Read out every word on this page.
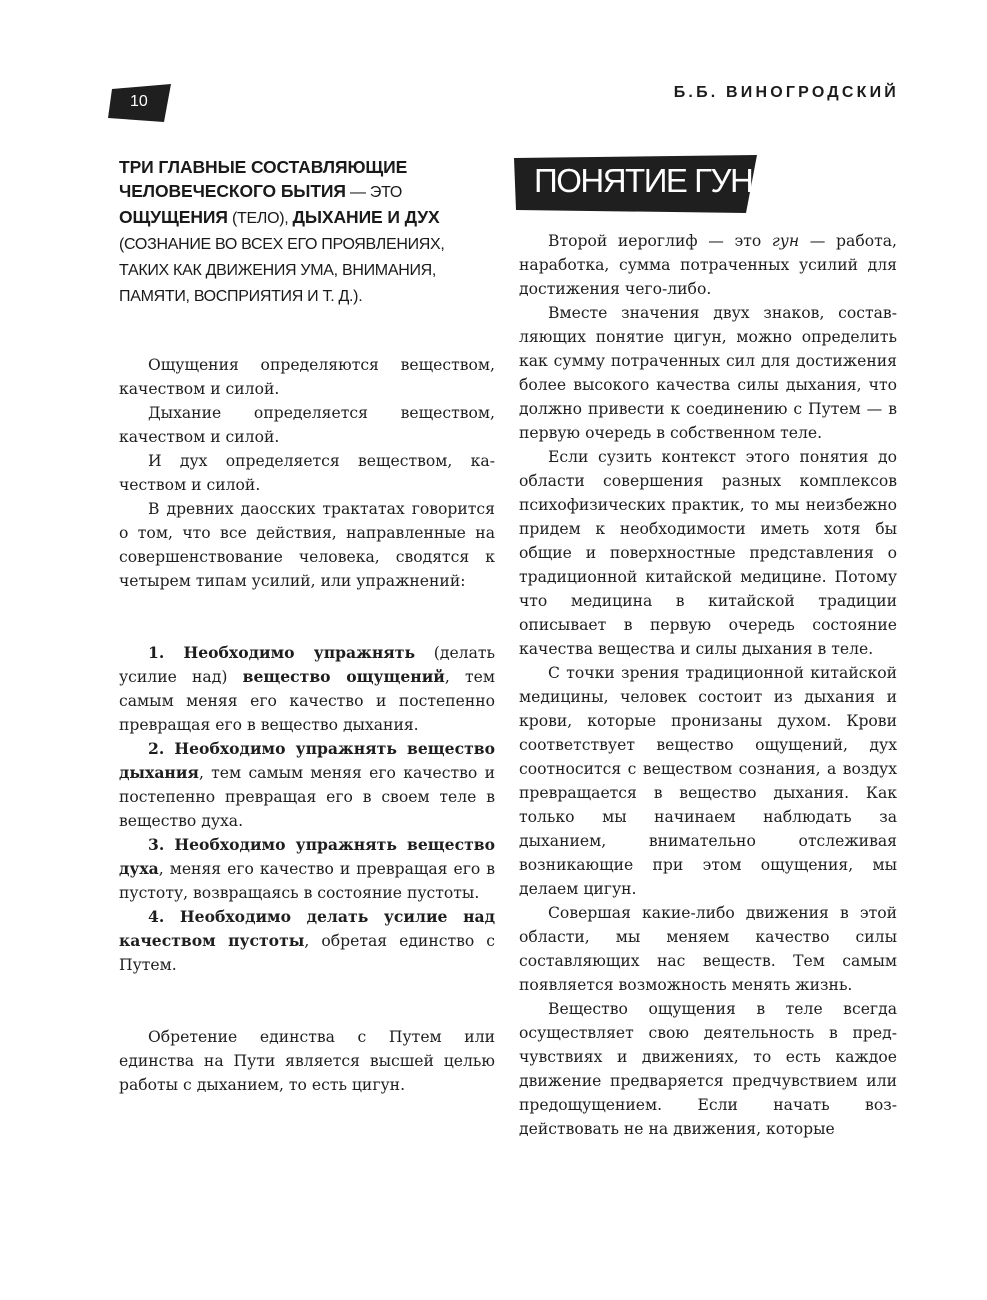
10
Б.Б. ВИНОГРОДСКИЙ

ТРИ ГЛАВНЫЕ СОСТАВЛЯЮЩИЕ ЧЕЛОВЕЧЕСКОГО БЫТИЯ — ЭТО ОЩУЩЕНИЯ (ТЕЛО), ДЫХАНИЕ И ДУХ (СОЗНАНИЕ ВО ВСЕХ ЕГО ПРОЯВЛЕНИЯХ, ТАКИХ КАК ДВИЖЕНИЯ УМА, ВНИМАНИЯ, ПАМЯТИ, ВОСПРИЯТИЯ И Т. Д.).

Ощущения определяются веществом, качеством и силой.

Дыхание определяется веществом, качеством и силой.

И дух определяется веществом, качеством и силой.

В древних даосских трактатах говорится о том, что все действия, направленные на совершенствование человека, сводятся к четырем типам усилий, или упражнений:

1. Необходимо упражнять (делать усилие над) вещество ощущений, тем самым меняя его качество и постепенно превращая его в вещество дыхания.

2. Необходимо упражнять вещество дыхания, тем самым меняя его качество и постепенно превращая его в своем теле в вещество духа.

3. Необходимо упражнять вещество духа, меняя его качество и превращая его в пустоту, возвращаясь в состояние пустоты.

4. Необходимо делать усилие над качеством пустоты, обретая единство с Путем.

Обретение единства с Путем или единства на Пути является высшей целью работы с дыханием, то есть цигун.

ПОНЯТИЕ ГУН

Второй иероглиф — это гун — работа, наработка, сумма потраченных усилий для достижения чего-либо.

Вместе значения двух знаков, составляющих понятие цигун, можно определить как сумму потраченных сил для достижения более высокого качества силы дыхания, что должно привести к соединению с Путем — в первую очередь в собственном теле.

Если сузить контекст этого понятия до области совершения разных комплексов психофизических практик, то мы неизбежно придем к необходимости иметь хотя бы общие и поверхностные представления о традиционной китайской медицине. Потому что медицина в китайской традиции описывает в первую очередь состояние качества вещества и силы дыхания в теле.

С точки зрения традиционной китайской медицины, человек состоит из дыхания и крови, которые пронизаны духом. Крови соответствует вещество ощущений, дух соотносится с веществом сознания, а воздух превращается в вещество дыхания. Как только мы начинаем наблюдать за дыханием, внимательно отслеживая возникающие при этом ощущения, мы делаем цигун.

Совершая какие-либо движения в этой области, мы меняем качество силы составляющих нас веществ. Тем самым появляется возможность менять жизнь.

Вещество ощущения в теле всегда осуществляет свою деятельность в предчувствиях и движениях, то есть каждое движение предваряется предчувствием или предощущением. Если начать воздействовать не на движения, которые
